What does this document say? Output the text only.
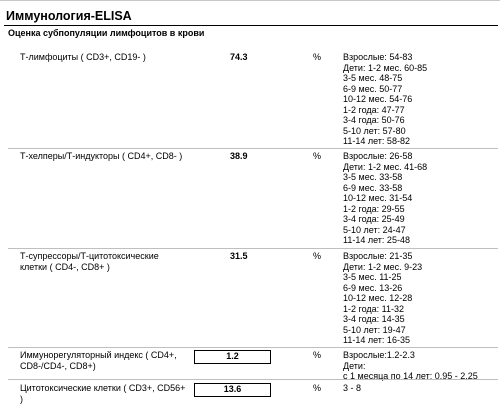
Иммунология-ELISA
Оценка субпопуляции лимфоцитов в крови
Т-лимфоциты ( CD3+, CD19- )	74.3	% Взрослые: 54-83
Дети: 1-2 мес. 60-85
3-5 мес. 48-75
6-9 мес. 50-77
10-12 мес. 54-76
1-2 года: 47-77
3-4 года: 50-76
5-10 лет: 57-80
11-14 лет: 58-82
Т-хелперы/Т-индукторы ( CD4+, CD8- )	38.9	% Взрослые: 26-58
Дети: 1-2 мес. 41-68
3-5 мес. 33-58
6-9 мес. 33-58
10-12 мес. 31-54
1-2 года: 29-55
3-4 года: 25-49
5-10 лет: 24-47
11-14 лет: 25-48
Т-супрессоры/Т-цитотоксические клетки ( CD4-, CD8+ )
31.5	% Взрослые: 21-35
Дети: 1-2 мес. 9-23
3-5 мес. 11-25
6-9 мес. 13-26
10-12 мес. 12-28
1-2 года: 11-32
3-4 года: 14-35
5-10 лет: 19-47
11-14 лет: 16-35
Иммунорегуляторный индекс ( CD4+, CD8-/CD4-, CD8+)
1.2	% Взрослые:1.2-2.3
Дети:
с 1 месяца по 14 лет: 0.95 - 2.25
Цитотоксические клетки ( CD3+, CD56+ )
13.6	% 3 - 8
